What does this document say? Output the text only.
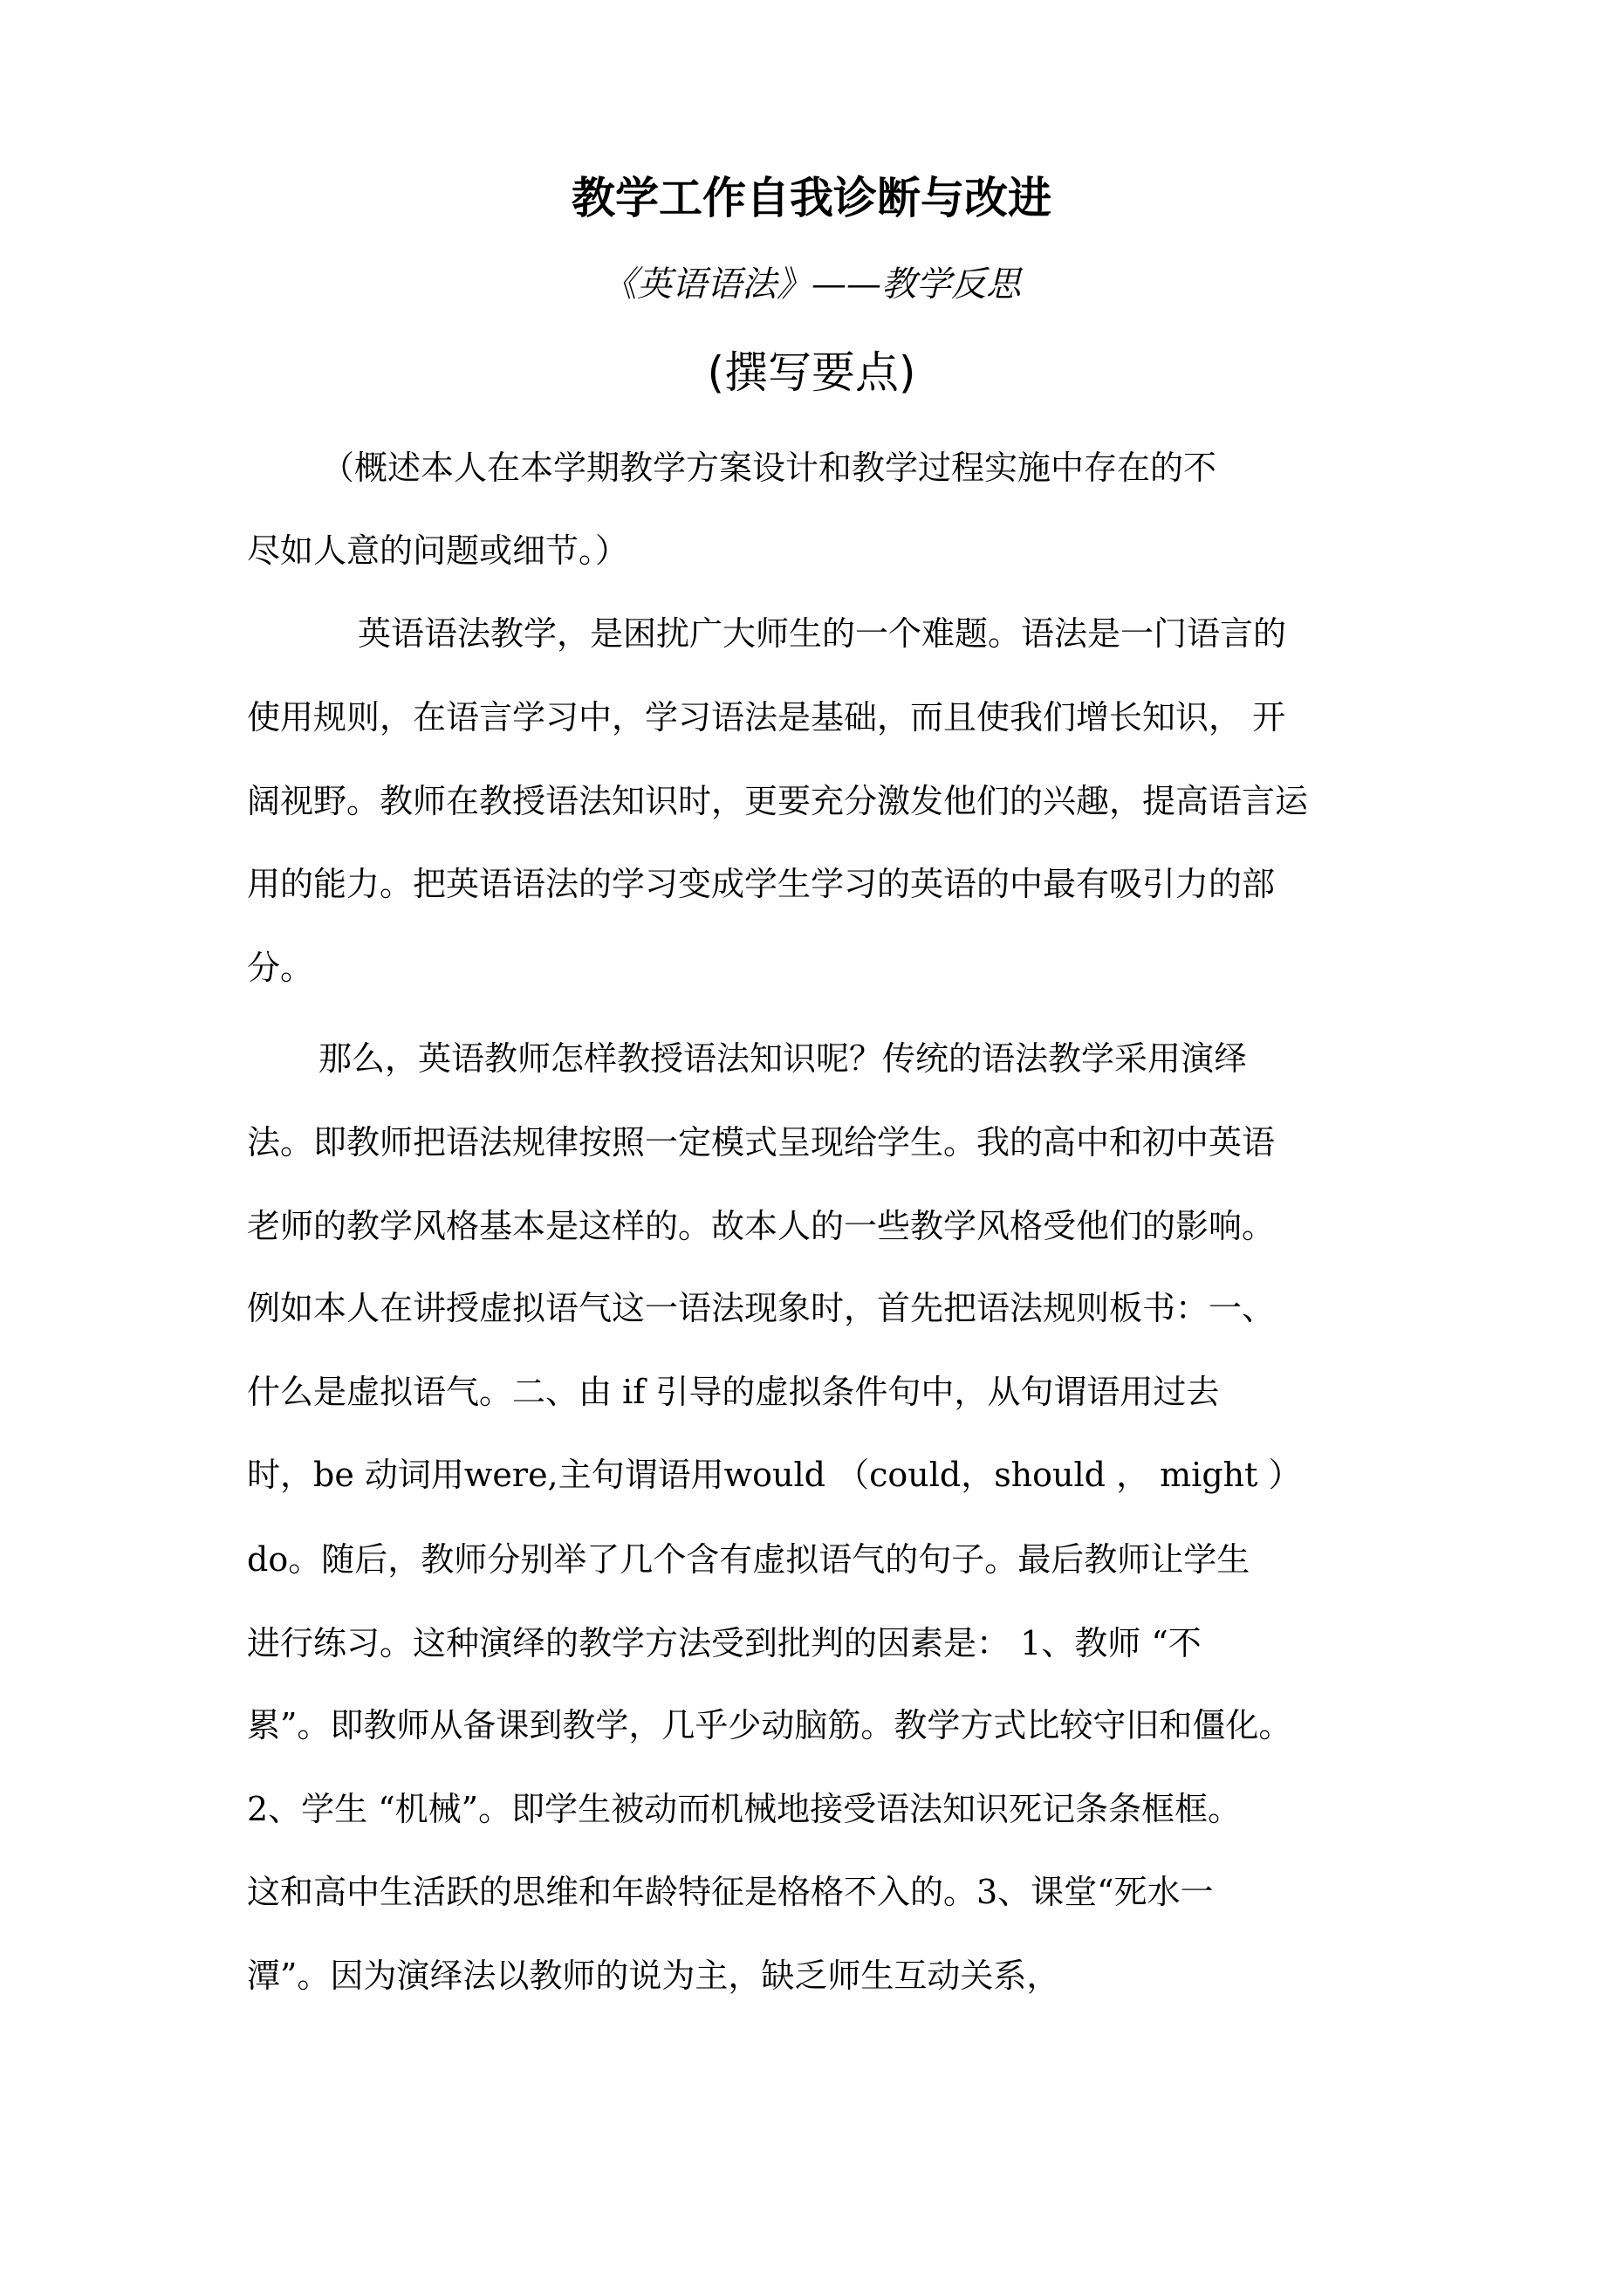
教学工作自我诊断与改进
《英语语法》——教学反思
(撰写要点)
（概述本人在本学期教学方案设计和教学过程实施中存在的不
尽如人意的问题或细节。）
英语语法教学，是困扰广大师生的一个难题。语法是一门语言的
使用规则，在语言学习中，学习语法是基础，而且使我们增长知识， 开
阔视野。教师在教授语法知识时，更要充分激发他们的兴趣，提高语言运
用的能力。把英语语法的学习变成学生学习的英语的中最有吸引力的部
分。
那么，英语教师怎样教授语法知识呢？传统的语法教学采用演绎
法。即教师把语法规律按照一定模式呈现给学生。我的高中和初中英语
老师的教学风格基本是这样的。故本人的一些教学风格受他们的影响。
例如本人在讲授虚拟语气这一语法现象时，首先把语法规则板书：一、
什么是虚拟语气。二、由 if 引导的虚拟条件句中，从句谓语用过去
时，be 动词用were,主句谓语用would （could，should ， might ）
do。随后，教师分别举了几个含有虚拟语气的句子。最后教师让学生
进行练习。这种演绎的教学方法受到批判的因素是： 1、教师 “不
累”。即教师从备课到教学，几乎少动脑筋。教学方式比较守旧和僵化。
2、学生 “机械”。即学生被动而机械地接受语法知识死记条条框框。
这和高中生活跃的思维和年龄特征是格格不入的。3、课堂“死水一
潭”。因为演绎法以教师的说为主，缺乏师生互动关系，
